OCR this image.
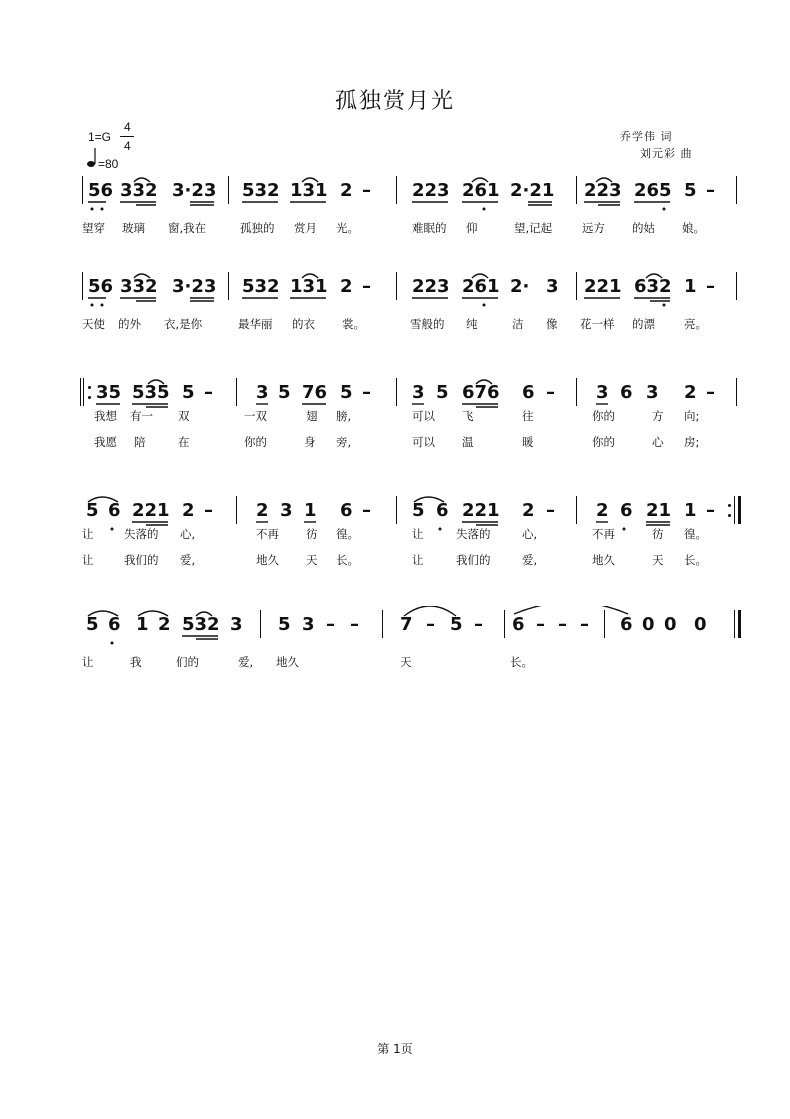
孤独赏月光
1=G
4
4
=80
乔学伟 词
刘元彩 曲
56 332 3·23 532 131 2 – 223 261 2·21 223 265 5 –
望穿 玻璃 窗,我在	孤独的 赏月 光。	难眠的 仰	望,记起	远方 的姑 娘。
56 332 3·23 532 131 2 – 223 261 2· 3 221 632 1 –
天使 的外 衣,是你	最华丽 的衣 裳。	雪般的 纯	洁 像 花一样 的漂	亮。
35 535 5 – 3 5 76 5 – 3 5 676 6 – 3 6 3 2 –
我想 有一 双	一双	翅 膀,	可以 飞	往	你的	方 向;
我愿 陪	在	你的	身 旁,	可以 温	暖	你的	心 房;
5 6 221 2 – 2 3 1 6 – 5 6 221 2 – 2 6 21 1 –
让	失落的 心,	不再 彷 徨。	让	失落的	心,	不再	彷 徨。
让	我们的 爱,	地久 天 长。	让	我们的	爱,	地久	天 长。
5 6 1 2 532 3 5 3 – – 7 – 5 – 6 – – – 6 0 0 0
让	我	们的	爱, 地久	天	长。
第 1页
